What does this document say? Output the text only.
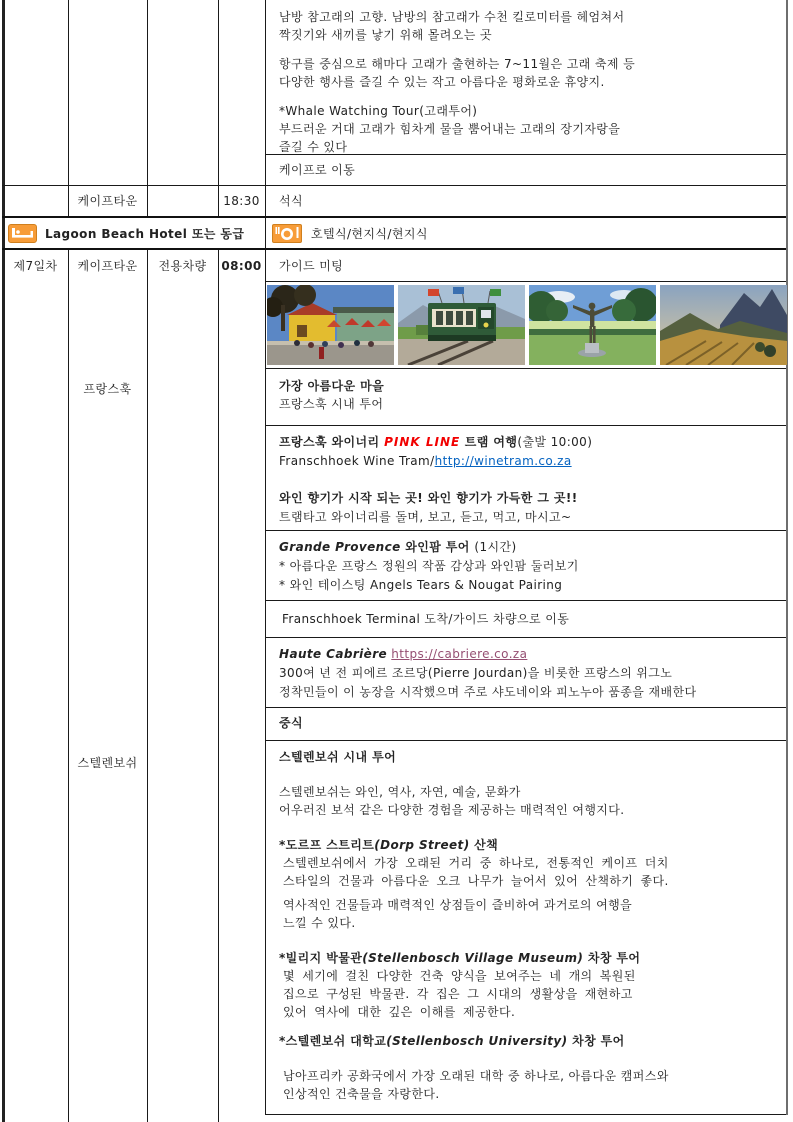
남방 참고래의 고향. 남방의 참고래가 수천 킬로미터를 헤엄쳐서
짝짓기와 새끼를 낳기 위해 몰려오는 곳
항구를 중심으로 해마다 고래가 출현하는 7~11월은 고래 축제 등
다양한 행사를 즐길 수 있는 작고 아름다운 평화로운 휴양지.
*Whale Watching Tour(고래투어)
부드러운 거대 고래가 힘차게 물을 뿜어내는 고래의 장기자랑을
즐길 수 있다
케이프로 이동
케이프타운	18:30 석식
Lagoon Beach Hotel 또는 동급	호텔식/현지식/현지식
제7일차 케이프타운 전용차량 08:00 가이드 미팅
프랑스훅
스텔렌보쉬
가장 아름다운 마을
프랑스훅 시내 투어
프랑스훅 와이너리 PINK LINE 트램 여행(출발 10:00)
Franschhoek Wine Tram/http://winetram.co.za
와인 향기가 시작 되는 곳! 와인 향기가 가득한 그 곳!!
트램타고 와이너리를 돌며, 보고, 듣고, 먹고, 마시고~
Grande Provence 와인팜 투어 (1시간)
* 아름다운 프랑스 정원의 작품 감상과 와인팜 둘러보기
* 와인 테이스팅 Angels Tears & Nougat Pairing
Franschhoek Terminal 도착/가이드 차량으로 이동
Haute Cabrière https://cabriere.co.za
300여 년 전 피에르 조르당(Pierre Jourdan)을 비롯한 프랑스의 위그노
정착민들이 이 농장을 시작했으며 주로 샤도네이와 피노누아 품종을 재배한다
중식
스텔렌보쉬 시내 투어
스텔렌보쉬는 와인, 역사, 자연, 예술, 문화가
어우러진 보석 같은 다양한 경험을 제공하는 매력적인 여행지다.
*도르프 스트리트(Dorp Street) 산책
스텔렌보쉬에서 가장 오래된 거리 중 하나로, 전통적인 케이프 더치
스타일의 건물과 아름다운 오크 나무가 늘어서 있어 산책하기 좋다.
역사적인 건물들과 매력적인 상점들이 즐비하여 과거로의 여행을
느낄 수 있다.
*빌리지 박물관(Stellenbosch Village Museum) 차창 투어
몇 세기에 걸친 다양한 건축 양식을 보여주는 네 개의 복원된
집으로 구성된 박물관. 각 집은 그 시대의 생활상을 재현하고
있어 역사에 대한 깊은 이해를 제공한다.
*스텔렌보쉬 대학교(Stellenbosch University) 차창 투어
남아프리카 공화국에서 가장 오래된 대학 중 하나로, 아름다운 캠퍼스와
인상적인 건축물을 자랑한다.
